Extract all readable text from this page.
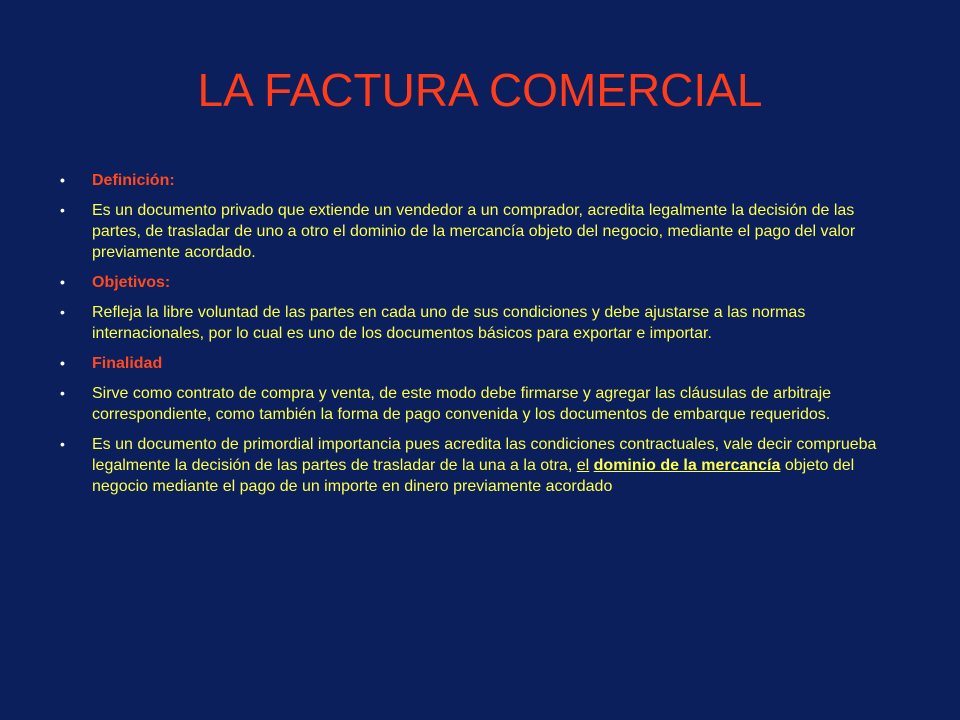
LA FACTURA COMERCIAL
•	Definición:
•	Es un documento privado que extiende un vendedor a un comprador, acredita legalmente la decisión de las partes, de trasladar de uno a otro el dominio de la mercancía objeto del negocio, mediante el pago del valor previamente acordado.
•	Objetivos:
•	Refleja la libre voluntad de las partes en cada uno de sus condiciones y debe ajustarse a las normas internacionales, por lo cual es uno de los documentos básicos para exportar e importar.
•	Finalidad
•	Sirve como contrato de compra y venta, de este modo debe firmarse y agregar las cláusulas de arbitraje correspondiente, como también la forma de pago convenida y los documentos de embarque requeridos.
•	Es un documento de primordial importancia pues acredita las condiciones contractuales, vale decir comprueba legalmente la decisión de las partes de trasladar de la una a la otra, el dominio de la mercancía objeto del negocio mediante el pago de un importe en dinero previamente acordado
